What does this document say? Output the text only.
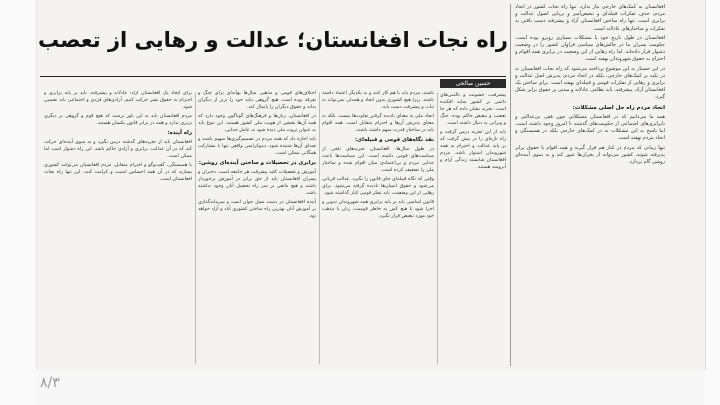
افغانستان به کمک‌های خارجی نیاز ندارد. تنها راه نجات کشور در اتحاد مردم، حذف تفکرات قبیله‌ای و تبعیض‌آمیز و برپایی اصول عدالت و برابری است. تنها راه ساختن افغانستان آزاد و پیشرفته دست یافتن به تفکرات و ساختارهای عادلانه است.

افغانستان در طول تاریخ خود با مشکلات بسیاری روبرو بوده است. حکومت پسران ما در چالش‌های سیاسی فراوان کشور را در وضعیت دشوار قرار داده‌اند. اما راه رهایی از این وضعیت در برابری همه اقوام و احترام به حقوق شهروندان نهفته است.

در این جستار به این موضوع پرداخته می‌شود که راه نجات افغانستان نه در تکیه بر کمک‌های خارجی، بلکه در اتحاد مردم، پذیرش اصل عدالت و برابری و رهایی از تفکرات قومی و قبیله‌ای نهفته است. برای ساختن یک افغانستان آزاد، پیشرفته، باید نظامی عادلانه و مبتنی بر حقوق برابر شکل گیرد.

اتحاد مردم راه حل اصلی مشکلات:

همه ما می‌دانیم که در افغانستان مشکلاتی چون فقر، بی‌عدالتی و نابرابری‌های اجتماعی از حکومت‌های گذشته تا امروز وجود داشته است. اما پاسخ به این مشکلات نه در کمک‌های خارجی بلکه در همبستگی و اتحاد مردم نهفته است.

تنها زمانی که مردم در کنار هم قرار گیرند و همه اقوام با حقوق برابر پذیرفته شوند، کشور می‌تواند از بحران‌ها عبور کند و به سوی آینده‌ای روشن گام بردارد.

راه نجات افغانستان؛ عدالت و رهایی از تعصب
حسین صالحی

پیشرفت، خشونت و ناامنی‌های دائمی بر کشور سایه افکنده است. تجربه نشان داده که هر جا تعصب و تبعیض حاکم بوده، جنگ و ویرانی به دنبال داشته است.

باید از این تجربه درس گرفت و راه تازه‌ای را در پیش گرفت که بر پایه عدالت و احترام به همه شهروندان استوار باشد. مردم افغانستان شایسته زندگی آرام و آبرومند هستند.

باشند، مردم باید با هم کار کنند و به یکدیگر اعتماد داشته باشند. زیرا هیچ کشوری بدون اتحاد و همدلی نمی‌تواند به ثبات و پیشرفت دست یابد.

اتحاد ملی به معنای نادیده گرفتن تفاوت‌ها نیست، بلکه به معنای پذیرش آن‌ها و احترام متقابل است. همه اقوام باید در ساختار قدرت سهم داشته باشند.

نقد نگاه‌های قومی و قبیله‌ای:

در طول سال‌ها، افغانستان تجربه‌های تلخی از سیاست‌های قومی داشته است. این سیاست‌ها باعث جدایی مردم و بی‌اعتمادی میان اقوام شده و ساختار ملی را تضعیف کرده است.

وقتی که نگاه قبیله‌ای جای قانون را بگیرد، عدالت قربانی می‌شود و حقوق انسان‌ها نادیده گرفته می‌شود. برای رهایی از این وضعیت، باید تفکر قومی کنار گذاشته شود.

قانون اساسی باید بر پایه برابری همه شهروندان تدوین و اجرا شود تا هیچ کس به خاطر قومیت، زبان یا مذهب خود مورد تبعیض قرار نگیرد.

اختلاف‌های قومی و مذهبی سال‌ها بهانه‌ای برای جنگ و تفرقه بوده است. هیچ گروهی نباید خود را برتر از دیگران بداند و حقوق دیگران را پایمال کند.

در افغانستان، زبان‌ها و فرهنگ‌های گوناگون وجود دارد که همه آن‌ها بخشی از هویت ملی کشور هستند. این تنوع باید به عنوان ثروت ملی دیده شود نه عامل جدایی.

باید اجازه داد که همه مردم در تصمیم‌گیری‌ها سهیم باشند و صدای آن‌ها شنیده شود. دموکراسی واقعی تنها با مشارکت همگانی ممکن است.

برابری در تحصیلات و ساختن آینده‌ای روشن:

آموزش و تحصیلات کلید پیشرفت هر جامعه است. دختران و پسران افغانستان باید از حق برابر در آموزش برخوردار باشند و هیچ مانعی بر سر راه تحصیل آنان وجود نداشته باشد.

آینده افغانستان در دست نسل جوان است و سرمایه‌گذاری بر آموزش آنان بهترین راه ساختن کشوری آباد و آزاد خواهد بود.

برای ایجاد یک افغانستان آزاد، عادلانه و پیشرفته، باید بر پایه برابری و احترام به حقوق بشر حرکت کنیم. آزادی‌های فردی و اجتماعی باید تضمین شود.

مردم افغانستان باید به این باور برسند که هیچ قوم و گروهی بر دیگری برتری ندارد و همه در برابر قانون یکسان هستند.

راه آینده:

افغانستان باید از تجربه‌های گذشته درس بگیرد و به سوی آینده‌ای حرکت کند که در آن عدالت، برابری و آزادی حاکم باشد. این راه دشوار است اما ممکن است.

با همبستگی، گفت‌وگو و احترام متقابل، مردم افغانستان می‌توانند کشوری بسازند که در آن همه احساس امنیت و کرامت کنند. این تنها راه نجات افغانستان است.

۸/۳
